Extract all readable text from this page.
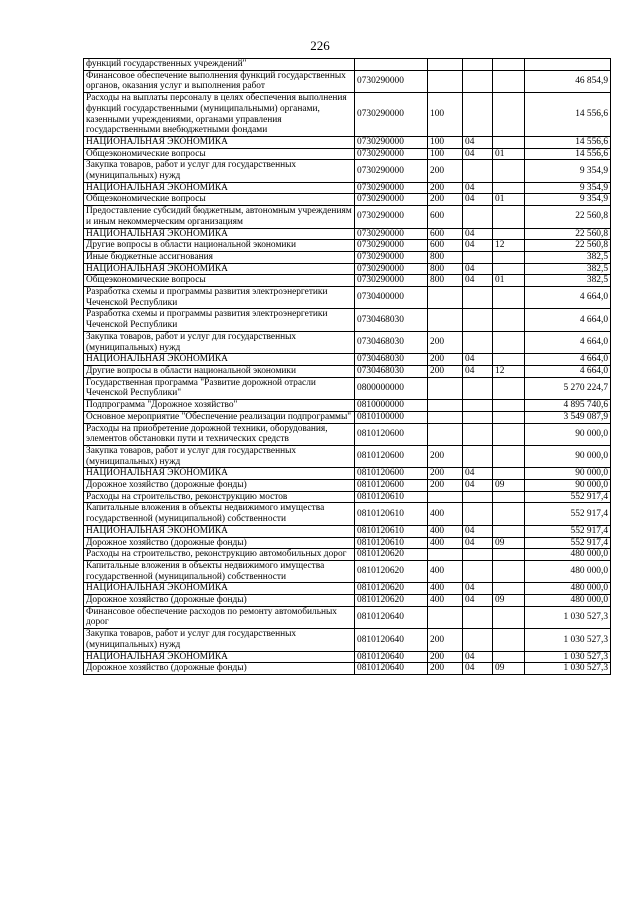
226
функций государственных учреждений"					
Финансовое обеспечение выполнения функций государственных органов, оказания услуг и выполнения работ	0730290000				46 854,9
Расходы на выплаты персоналу в целях обеспечения выполнения функций государственными (муниципальными) органами, казенными учреждениями, органами управления государственными внебюджетными фондами	0730290000	100			14 556,6
НАЦИОНАЛЬНАЯ ЭКОНОМИКА	0730290000	100	04		14 556,6
Общеэкономические вопросы	0730290000	100	04	01	14 556,6
Закупка товаров, работ и услуг для государственных (муниципальных) нужд	0730290000	200			9 354,9
НАЦИОНАЛЬНАЯ ЭКОНОМИКА	0730290000	200	04		9 354,9
Общеэкономические вопросы	0730290000	200	04	01	9 354,9
Предоставление субсидий бюджетным, автономным учреждениям и иным некоммерческим организациям	0730290000	600			22 560,8
НАЦИОНАЛЬНАЯ ЭКОНОМИКА	0730290000	600	04		22 560,8
Другие вопросы в области национальной экономики	0730290000	600	04	12	22 560,8
Иные бюджетные ассигнования	0730290000	800			382,5
НАЦИОНАЛЬНАЯ ЭКОНОМИКА	0730290000	800	04		382,5
Общеэкономические вопросы	0730290000	800	04	01	382,5
Разработка схемы и программы развития электроэнергетики Чеченской Республики	0730400000				4 664,0
Разработка схемы и программы развития электроэнергетики Чеченской Республики	0730468030				4 664,0
Закупка товаров, работ и услуг для государственных (муниципальных) нужд	0730468030	200			4 664,0
НАЦИОНАЛЬНАЯ ЭКОНОМИКА	0730468030	200	04		4 664,0
Другие вопросы в области национальной экономики	0730468030	200	04	12	4 664,0
Государственная программа "Развитие дорожной отрасли Чеченской Республики"	0800000000				5 270 224,7
Подпрограмма "Дорожное хозяйство"	0810000000				4 895 740,6
Основное мероприятие "Обеспечение реализации подпрограммы"	0810100000				3 549 087,9
Расходы на приобретение дорожной техники, оборудования, элементов обстановки пути и технических средств	0810120600				90 000,0
Закупка товаров, работ и услуг для государственных (муниципальных) нужд	0810120600	200			90 000,0
НАЦИОНАЛЬНАЯ ЭКОНОМИКА	0810120600	200	04		90 000,0
Дорожное хозяйство (дорожные фонды)	0810120600	200	04	09	90 000,0
Расходы на строительство, реконструкцию мостов	0810120610				552 917,4
Капитальные вложения в объекты недвижимого имущества государственной (муниципальной) собственности	0810120610	400			552 917,4
НАЦИОНАЛЬНАЯ ЭКОНОМИКА	0810120610	400	04		552 917,4
Дорожное хозяйство (дорожные фонды)	0810120610	400	04	09	552 917,4
Расходы на строительство, реконструкцию автомобильных дорог	0810120620				480 000,0
Капитальные вложения в объекты недвижимого имущества государственной (муниципальной) собственности	0810120620	400			480 000,0
НАЦИОНАЛЬНАЯ ЭКОНОМИКА	0810120620	400	04		480 000,0
Дорожное хозяйство (дорожные фонды)	0810120620	400	04	09	480 000,0
Финансовое обеспечение расходов по ремонту автомобильных дорог	0810120640				1 030 527,3
Закупка товаров, работ и услуг для государственных (муниципальных) нужд	0810120640	200			1 030 527,3
НАЦИОНАЛЬНАЯ ЭКОНОМИКА	0810120640	200	04		1 030 527,3
Дорожное хозяйство (дорожные фонды)	0810120640	200	04	09	1 030 527,3
